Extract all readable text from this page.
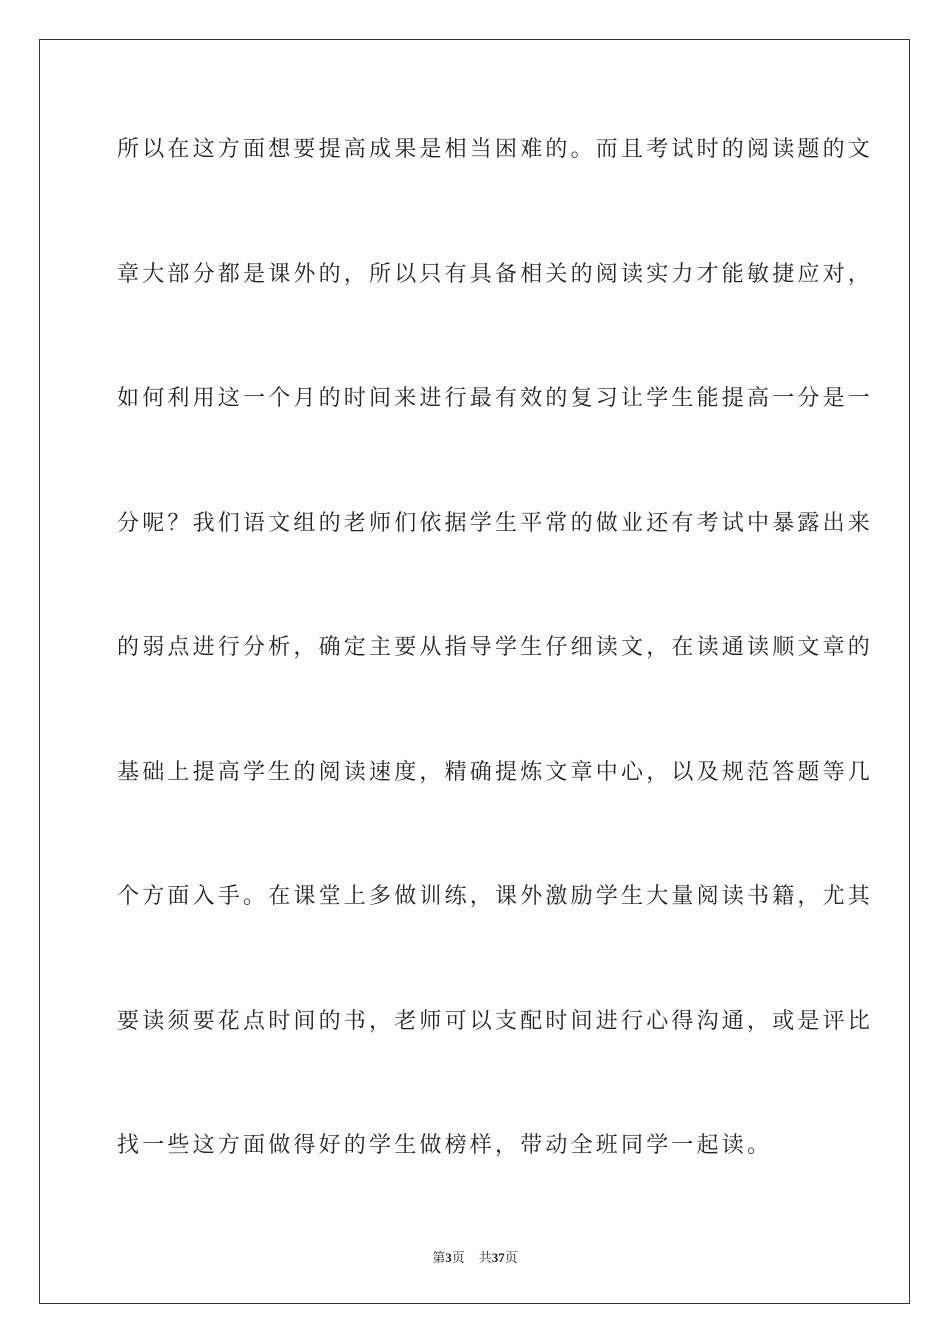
所以在这方面想要提高成果是相当困难的。而且考试时的阅读题的文
章大部分都是课外的，所以只有具备相关的阅读实力才能敏捷应对，
如何利用这一个月的时间来进行最有效的复习让学生能提高一分是一
分呢？我们语文组的老师们依据学生平常的做业还有考试中暴露出来
的弱点进行分析，确定主要从指导学生仔细读文，在读通读顺文章的
基础上提高学生的阅读速度，精确提炼文章中心，以及规范答题等几
个方面入手。在课堂上多做训练，课外激励学生大量阅读书籍，尤其
要读须要花点时间的书，老师可以支配时间进行心得沟通，或是评比
找一些这方面做得好的学生做榜样，带动全班同学一起读。
第3页 共37页
